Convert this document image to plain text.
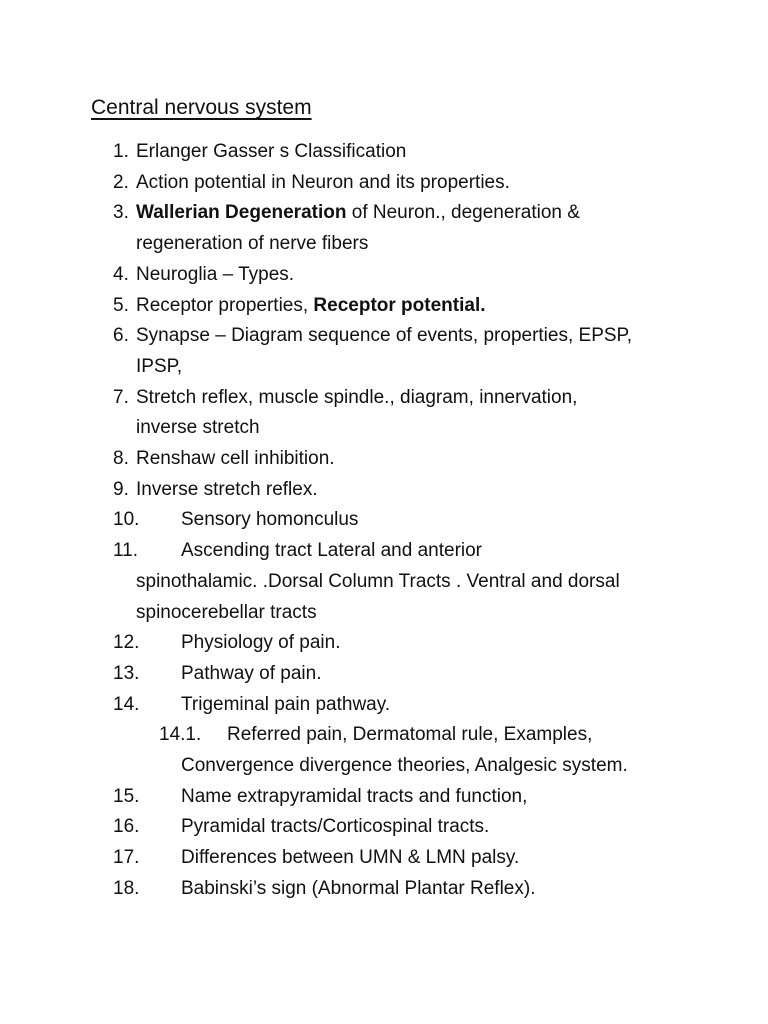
Central nervous system
1. Erlanger Gasser s Classification
2. Action potential in Neuron and its properties.
3. Wallerian Degeneration of Neuron., degeneration &
regeneration of nerve fibers
4. Neuroglia – Types.
5. Receptor properties, Receptor potential.
6. Synapse – Diagram sequence of events, properties, EPSP,
IPSP,
7. Stretch reflex, muscle spindle., diagram, innervation,
inverse stretch
8. Renshaw cell inhibition.
9. Inverse stretch reflex.
10. Sensory homonculus
11. Ascending tract Lateral and anterior
spinothalamic. .Dorsal Column Tracts . Ventral and dorsal
spinocerebellar tracts
12. Physiology of pain.
13. Pathway of pain.
14. Trigeminal pain pathway.
14.1. Referred pain, Dermatomal rule, Examples,
Convergence divergence theories, Analgesic system.
15. Name extrapyramidal tracts and function,
16. Pyramidal tracts/Corticospinal tracts.
17. Differences between UMN & LMN palsy.
18. Babinski’s sign (Abnormal Plantar Reflex).
